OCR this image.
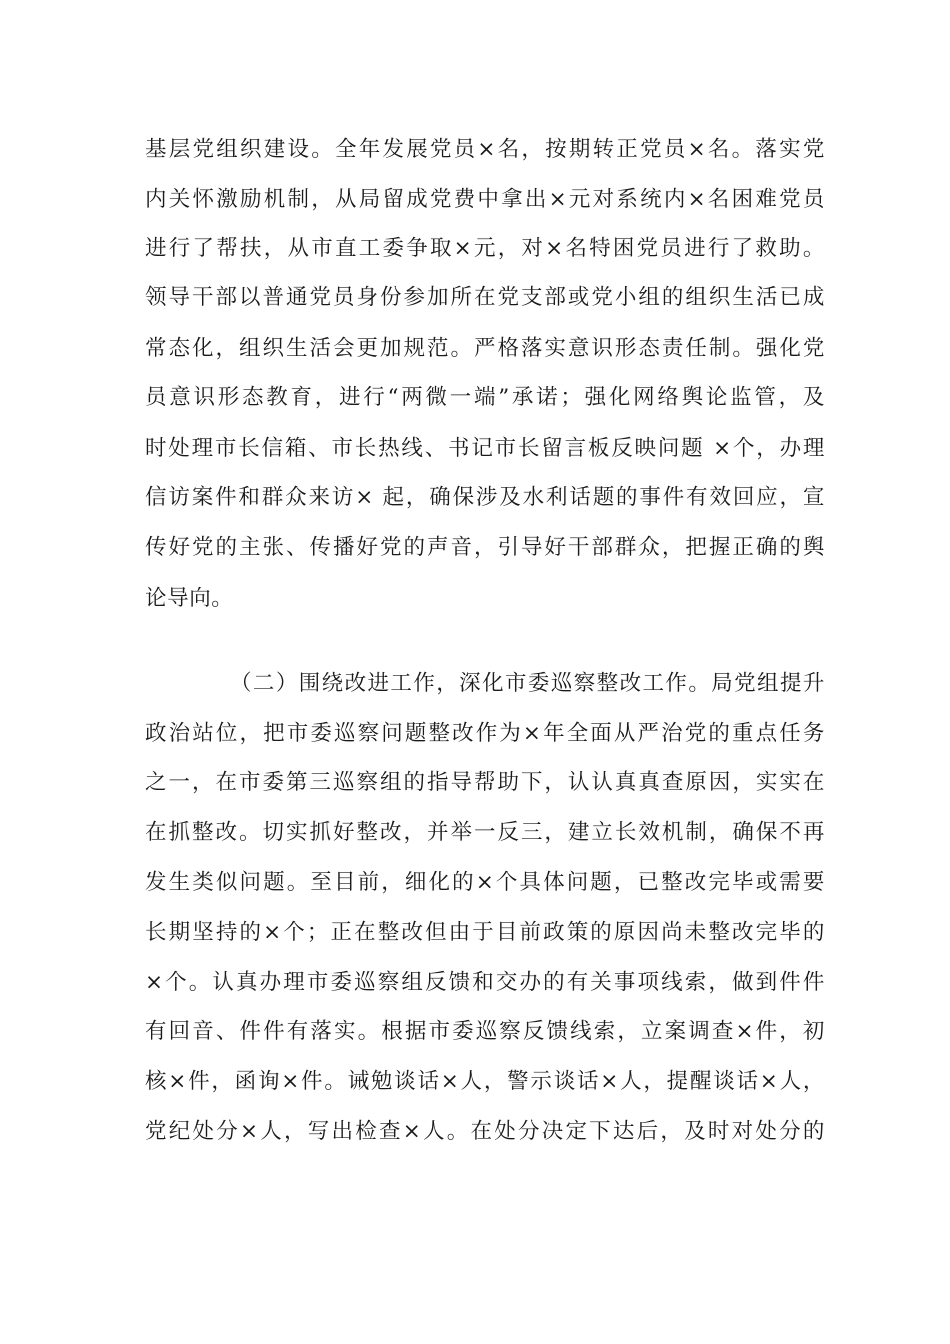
基层党组织建设。全年发展党员×名，按期转正党员×名。落实党
内关怀激励机制，从局留成党费中拿出×元对系统内×名困难党员
进行了帮扶，从市直工委争取×元，对×名特困党员进行了救助。
领导干部以普通党员身份参加所在党支部或党小组的组织生活已成
常态化，组织生活会更加规范。严格落实意识形态责任制。强化党
员意识形态教育，进行“两微一端”承诺；强化网络舆论监管，及
时处理市长信箱、市长热线、书记市长留言板反映问题 ×个，办理
信访案件和群众来访× 起，确保涉及水利话题的事件有效回应，宣
传好党的主张、传播好党的声音，引导好干部群众，把握正确的舆
论导向。
（二）围绕改进工作，深化市委巡察整改工作。局党组提升
政治站位，把市委巡察问题整改作为×年全面从严治党的重点任务
之一，在市委第三巡察组的指导帮助下，认认真真查原因，实实在
在抓整改。切实抓好整改，并举一反三，建立长效机制，确保不再
发生类似问题。至目前，细化的×个具体问题，已整改完毕或需要
长期坚持的×个；正在整改但由于目前政策的原因尚未整改完毕的
×个。认真办理市委巡察组反馈和交办的有关事项线索，做到件件
有回音、件件有落实。根据市委巡察反馈线索，立案调查×件，初
核×件，函询×件。诫勉谈话×人，警示谈话×人，提醒谈话×人，
党纪处分×人，写出检查×人。在处分决定下达后，及时对处分的
